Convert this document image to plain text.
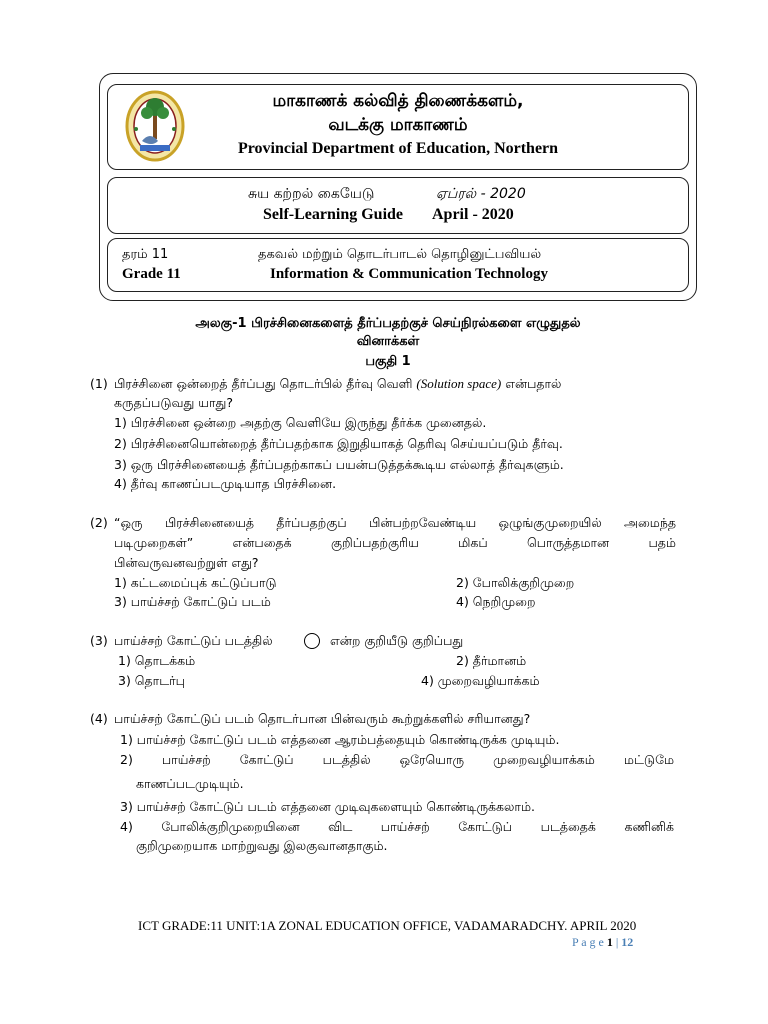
மாகாணக் கல்வித் திணைக்களம்,
வடக்கு மாகாணம்
Provincial Department of Education, Northern
சுய கற்றல் கையேடு	ஏப்ரல் - 2020
Self-Learning Guide April - 2020
தரம் 11
Grade 11
தகவல் மற்றும் தொடர்பாடல் தொழினுட்பவியல்
Information & Communication Technology
அலகு-1 பிரச்சினைகளைத் தீர்ப்பதற்குச் செய்நிரல்களை எழுதுதல்
வினாக்கள்
பகுதி 1
(1) பிரச்சினை ஒன்றைத் தீர்ப்பது தொடர்பில் தீர்வு வெளி (Solution space) என்பதால்
கருதப்படுவது யாது?
1) பிரச்சினை ஒன்றை அதற்கு வெளியே இருந்து தீர்க்க முனைதல்.
2) பிரச்சினையொன்றைத் தீர்ப்பதற்காக இறுதியாகத் தெரிவு செய்யப்படும் தீர்வு.
3) ஒரு பிரச்சினையைத் தீர்ப்பதற்காகப் பயன்படுத்தக்கூடிய எல்லாத் தீர்வுகளும்.
4) தீர்வு காணப்படமுடியாத பிரச்சினை.
(2) “ஒரு பிரச்சினையைத் தீர்ப்பதற்குப் பின்பற்றவேண்டிய ஒழுங்குமுறையில் அமைந்த
படிமுறைகள்” என்பதைக் குறிப்பதற்குரிய மிகப் பொருத்தமான பதம்
பின்வருவனவற்றுள் எது?
1) கட்டமைப்புக் கட்டுப்பாடு	2) போலிக்குறிமுறை
3) பாய்ச்சற் கோட்டுப் படம்	4) நெறிமுறை
(3) பாய்ச்சற் கோட்டுப் படத்தில்	என்ற குறியீடு குறிப்பது
1) தொடக்கம்	2) தீர்மானம்
3) தொடர்பு	4) முறைவழியாக்கம்
(4) பாய்ச்சற் கோட்டுப் படம் தொடர்பான பின்வரும் கூற்றுக்களில் சரியானது?
1) பாய்ச்சற் கோட்டுப் படம் எத்தனை ஆரம்பத்தையும் கொண்டிருக்க முடியும்.
2) பாய்ச்சற் கோட்டுப் படத்தில் ஒரேயொரு முறைவழியாக்கம் மட்டுமே
காணப்படமுடியும்.
3) பாய்ச்சற் கோட்டுப் படம் எத்தனை முடிவுகளையும் கொண்டிருக்கலாம்.
4) போலிக்குறிமுறையினை விட பாய்ச்சற் கோட்டுப் படத்தைக் கணினிக்
குறிமுறையாக மாற்றுவது இலகுவானதாகும்.
ICT GRADE:11 UNIT:1A ZONAL EDUCATION OFFICE, VADAMARADCHY. APRIL 2020
P a g e 1 | 12
